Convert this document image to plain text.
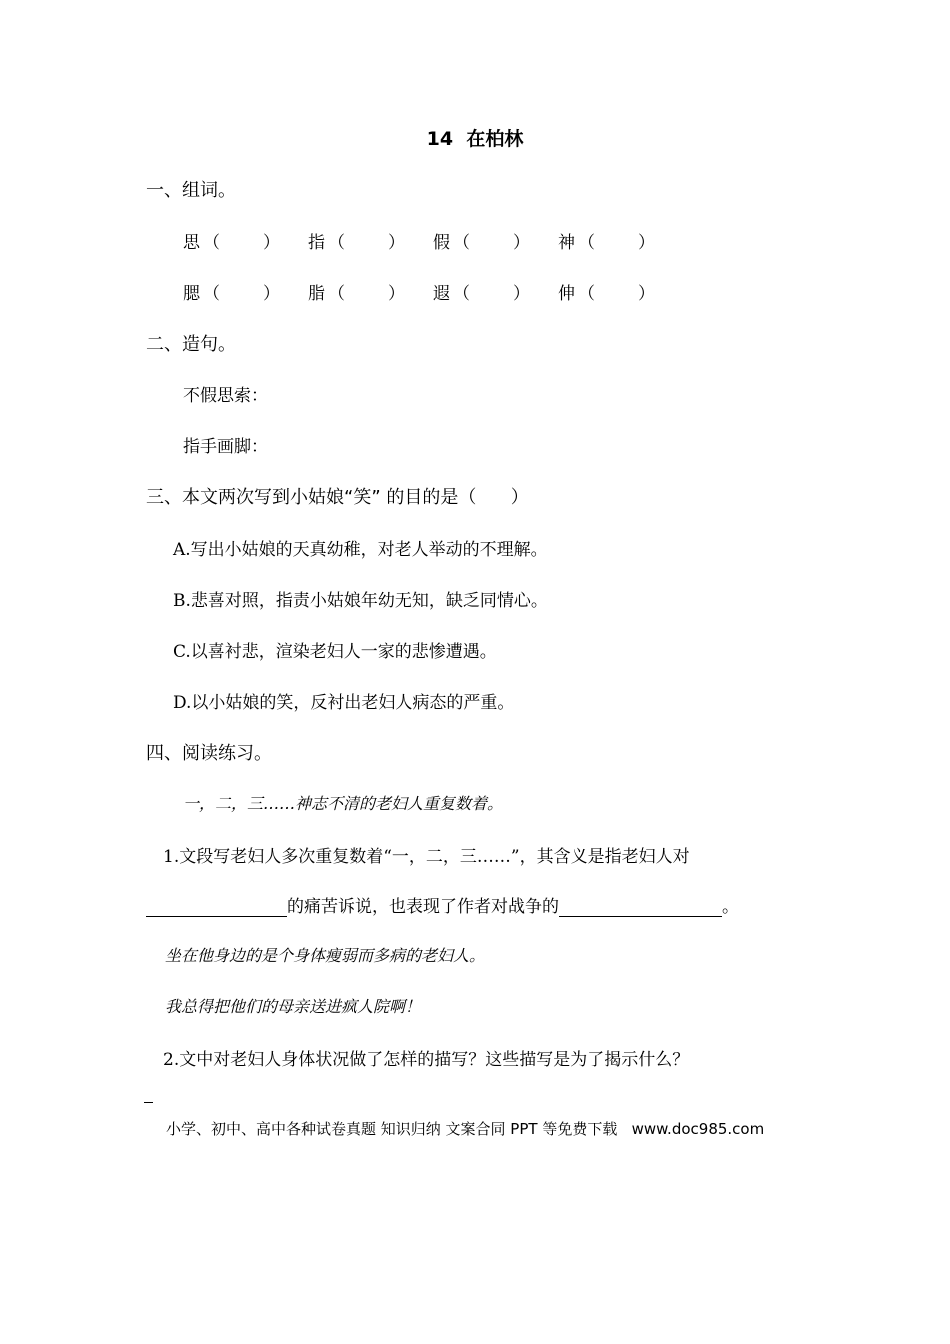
14  在柏林
一、组词。
思 （	） 指 （	） 假 （	） 神 （	）
腮 （	） 脂 （	） 遐 （	） 伸 （	）
二、造句。
不假思索：
指手画脚：
三、本文两次写到小姑娘“笑” 的目的是（      ）
A.写出小姑娘的天真幼稚，对老人举动的不理解。
B.悲喜对照，指责小姑娘年幼无知，缺乏同情心。
C.以喜衬悲，渲染老妇人一家的悲惨遭遇。
D.以小姑娘的笑，反衬出老妇人病态的严重。
四、阅读练习。
一，二，三……神志不清的老妇人重复数着。
1.文段写老妇人多次重复数着“一，二，三……”，其含义是指老妇人对
的痛苦诉说，也表现了作者对战争的	。
坐在他身边的是个身体瘦弱而多病的老妇人。
我总得把他们的母亲送进疯人院啊！
2.文中对老妇人身体状况做了怎样的描写？这些描写是为了揭示什么？
小学、初中、高中各种试卷真题 知识归纳 文案合同 PPT 等免费下载   www.doc985.com
